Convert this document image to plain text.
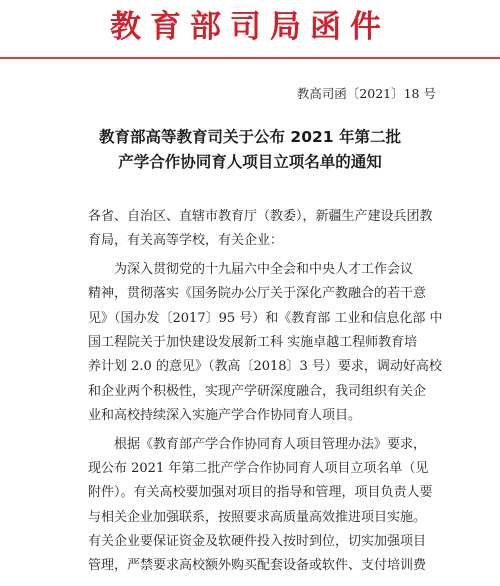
教育部司局函件
教高司函〔2021〕18 号
教育部高等教育司关于公布 2021 年第二批
产学合作协同育人项目立项名单的通知
各省、自治区、直辖市教育厅（教委），新疆生产建设兵团教
育局，有关高等学校，有关企业：
为深入贯彻党的十九届六中全会和中央人才工作会议
精神，贯彻落实《国务院办公厅关于深化产教融合的若干意
见》（国办发〔2017〕95 号）和《教育部 工业和信息化部 中
国工程院关于加快建设发展新工科 实施卓越工程师教育培
养计划 2.0 的意见》（教高〔2018〕3 号）要求，调动好高校
和企业两个积极性，实现产学研深度融合，我司组织有关企
业和高校持续深入实施产学合作协同育人项目。
根据《教育部产学合作协同育人项目管理办法》要求，
现公布 2021 年第二批产学合作协同育人项目立项名单（见
附件）。有关高校要加强对项目的指导和管理，项目负责人要
与相关企业加强联系，按照要求高质量高效推进项目实施。
有关企业要保证资金及软硬件投入按时到位，切实加强项目
管理，严禁要求高校额外购买配套设备或软件、支付培训费
